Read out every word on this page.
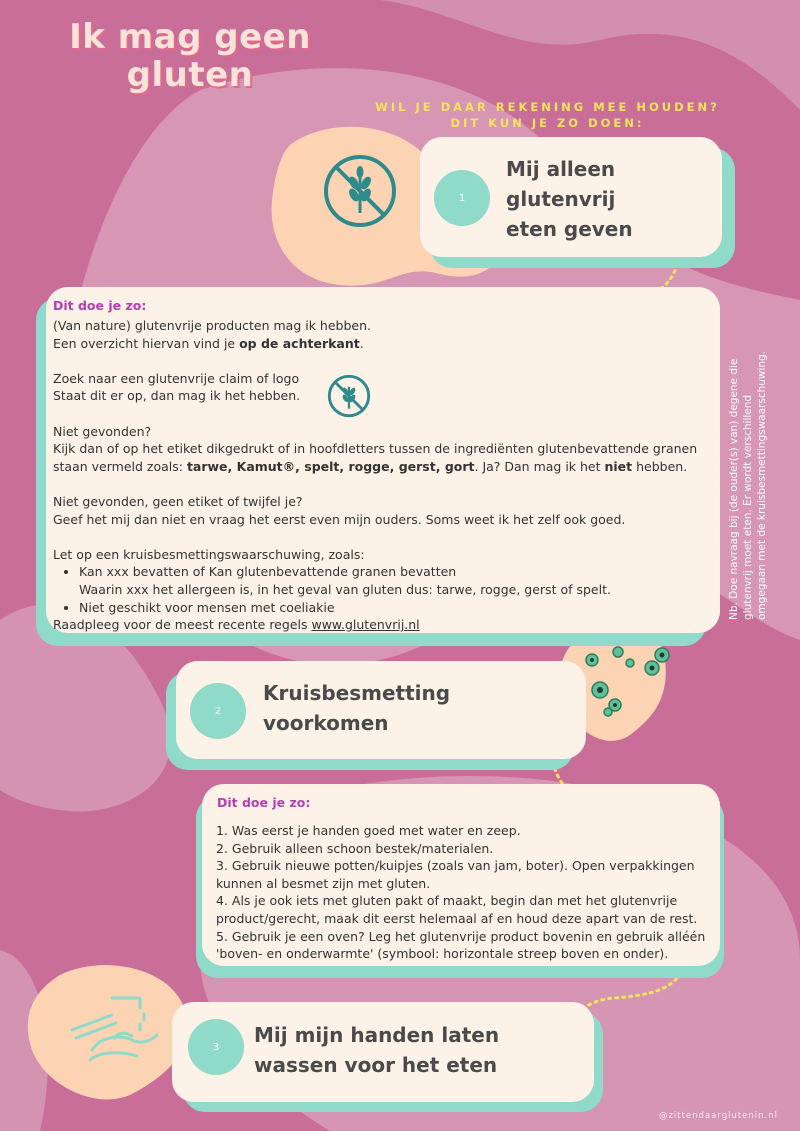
Ik mag geen
gluten
WIL JE DAAR REKENING MEE HOUDEN?
DIT KUN JE ZO DOEN:
1
Mij alleen
glutenvrij
eten geven
Dit doe je zo:

(Van nature) glutenvrije producten mag ik hebben.

Een overzicht hiervan vind je op de achterkant.

Zoek naar een glutenvrije claim of logo

Staat dit er op, dan mag ik het hebben.

Niet gevonden?

Kijk dan of op het etiket dikgedrukt of in hoofdletters tussen de ingrediënten glutenbevattende granen

staan vermeld zoals: tarwe, Kamut®, spelt, rogge, gerst, gort. Ja? Dan mag ik het niet hebben.

Niet gevonden, geen etiket of twijfel je?

Geef het mij dan niet en vraag het eerst even mijn ouders. Soms weet ik het zelf ook goed.

Let op een kruisbesmettingswaarschuwing, zoals:

• Kan xxx bevatten of Kan glutenbevattende granen bevatten
Waarin xxx het allergeen is, in het geval van gluten dus: tarwe, rogge, gerst of spelt.
• Niet geschikt voor mensen met coeliakie

Raadpleeg voor de meest recente regels www.glutenvrij.nl

Nb. Doe navraag bij (de ouder(s) van) degene die glutenvrij moet eten. Er wordt verschillend omgegaan met de kruisbesmettingswaarschuwing.
2
Kruisbesmetting
voorkomen
Dit doe je zo:

1. Was eerst je handen goed met water en zeep.

2. Gebruik alleen schoon bestek/materialen.

3. Gebruik nieuwe potten/kuipjes (zoals van jam, boter). Open verpakkingen

kunnen al besmet zijn met gluten.

4. Als je ook iets met gluten pakt of maakt, begin dan met het glutenvrije

product/gerecht, maak dit eerst helemaal af en houd deze apart van de rest.

5. Gebruik je een oven? Leg het glutenvrije product bovenin en gebruik alléén

'boven- en onderwarmte' (symbool: horizontale streep boven en onder).

3	Mij mijn handen laten
wassen voor het eten
@zittendaarglutenin.nl
